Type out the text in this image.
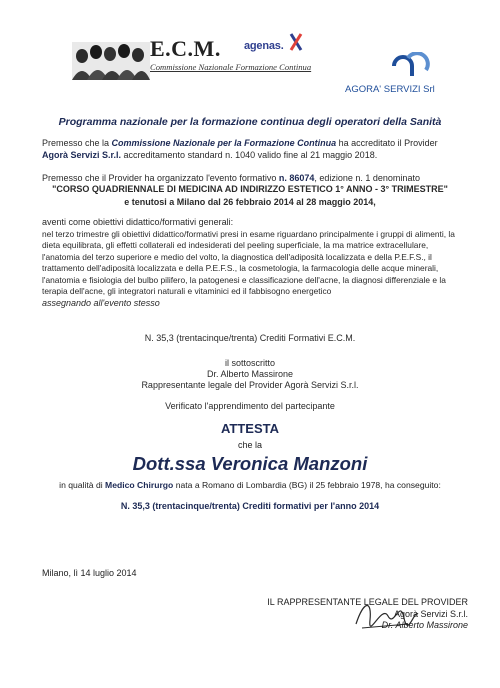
E.C.M.
Commissione Nazionale Formazione Continua
agenas.
AGORA' SERVIZI Srl
Programma nazionale per la formazione continua degli operatori della Sanità
Premesso che la Commissione Nazionale per la Formazione Continua ha accreditato il Provider Agorà Servizi S.r.l. accreditamento standard n. 1040 valido fine al 21 maggio 2018.
Premesso che il Provider ha organizzato l'evento formativo n. 86074, edizione n. 1 denominato
"CORSO QUADRIENNALE DI MEDICINA AD INDIRIZZO ESTETICO 1° ANNO - 3° TRIMESTRE"
e tenutosi a Milano dal 26 febbraio 2014 al 28 maggio 2014,
aventi come obiettivi didattico/formativi generali:
nel terzo trimestre gli obiettivi didattico/formativi presi in esame riguardano principalmente i gruppi di alimenti, la dieta equilibrata, gli effetti collaterali ed indesiderati del peeling superficiale, la ma matrice extracellulare, l'anatomia del terzo superiore e medio del volto, la diagnostica dell'adiposità localizzata e della P.E.F.S., il trattamento dell'adiposità localizzata e della P.E.F.S., la cosmetologia, la farmacologia delle acque minerali, l'anatomia e fisiologia del bulbo pilifero, la patogenesi e classificazione dell'acne, la diagnosi differenziale e la terapia dell'acne, gli integratori naturali e vitaminici ed il fabbisogno energetico
assegnando all'evento stesso
N. 35,3 (trentacinque/trenta) Crediti Formativi E.C.M.
il sottoscritto
Dr. Alberto Massirone
Rappresentante legale del Provider Agorà Servizi S.r.l.
Verificato l'apprendimento del partecipante
ATTESTA
che la
Dott.ssa Veronica Manzoni
in qualità di Medico Chirurgo nata a Romano di Lombardia (BG) il 25 febbraio 1978, ha conseguito:
N. 35,3 (trentacinque/trenta) Crediti formativi per l'anno 2014
Milano, lì 14 luglio 2014
IL RAPPRESENTANTE LEGALE DEL PROVIDER
Agorà Servizi S.r.l.
Dr. Alberto Massirone
